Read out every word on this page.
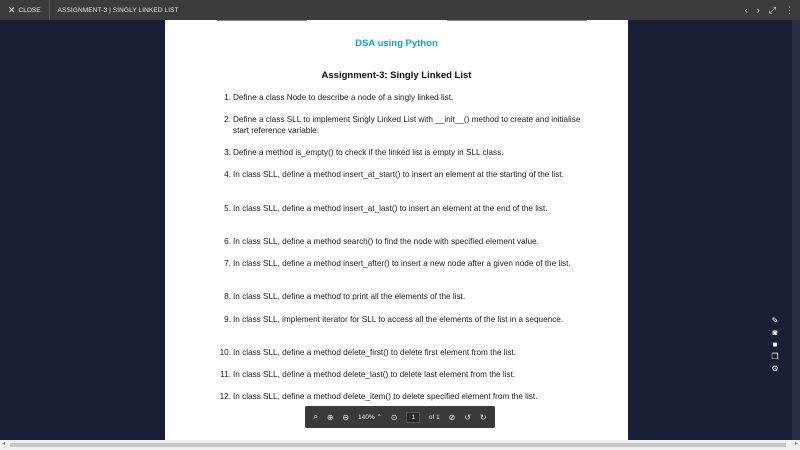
✕ CLOSE	ASSIGNMENT-3 | SINGLY LINKED LIST	‹ › ⤢ ⋮
DSA using Python
Assignment-3: Singly Linked List
1. Define a class Node to describe a node of a singly linked list.
2. Define a class SLL to implement Singly Linked List with __init__() method to create and initialise start reference variable.
3. Define a method is_empty() to check if the linked list is empty in SLL class.
4. In class SLL, define a method insert_at_start() to insert an element at the starting of the list.
5. In class SLL, define a method insert_at_last() to insert an element at the end of the list.
6. In class SLL, define a method search() to find the node with specified element value.
7. In class SLL, define a method insert_after() to insert a new node after a given node of the list.
8. In class SLL, define a method to print all the elements of the list.
9. In class SLL, implement iterator for SLL to access all the elements of the list in a sequence.
10. In class SLL, define a method delete_first() to delete first element from the list.
11. In class SLL, define a method delete_last() to delete last element from the list.
12. In class SLL, define a method delete_item() to delete specified element from the list.
✎
◙
■
❐
⚙
⌕ ⊕ ⊖ 140% ⌃ ⊙	1	of 1 ⊘ ↺ ↻
◂	▸
